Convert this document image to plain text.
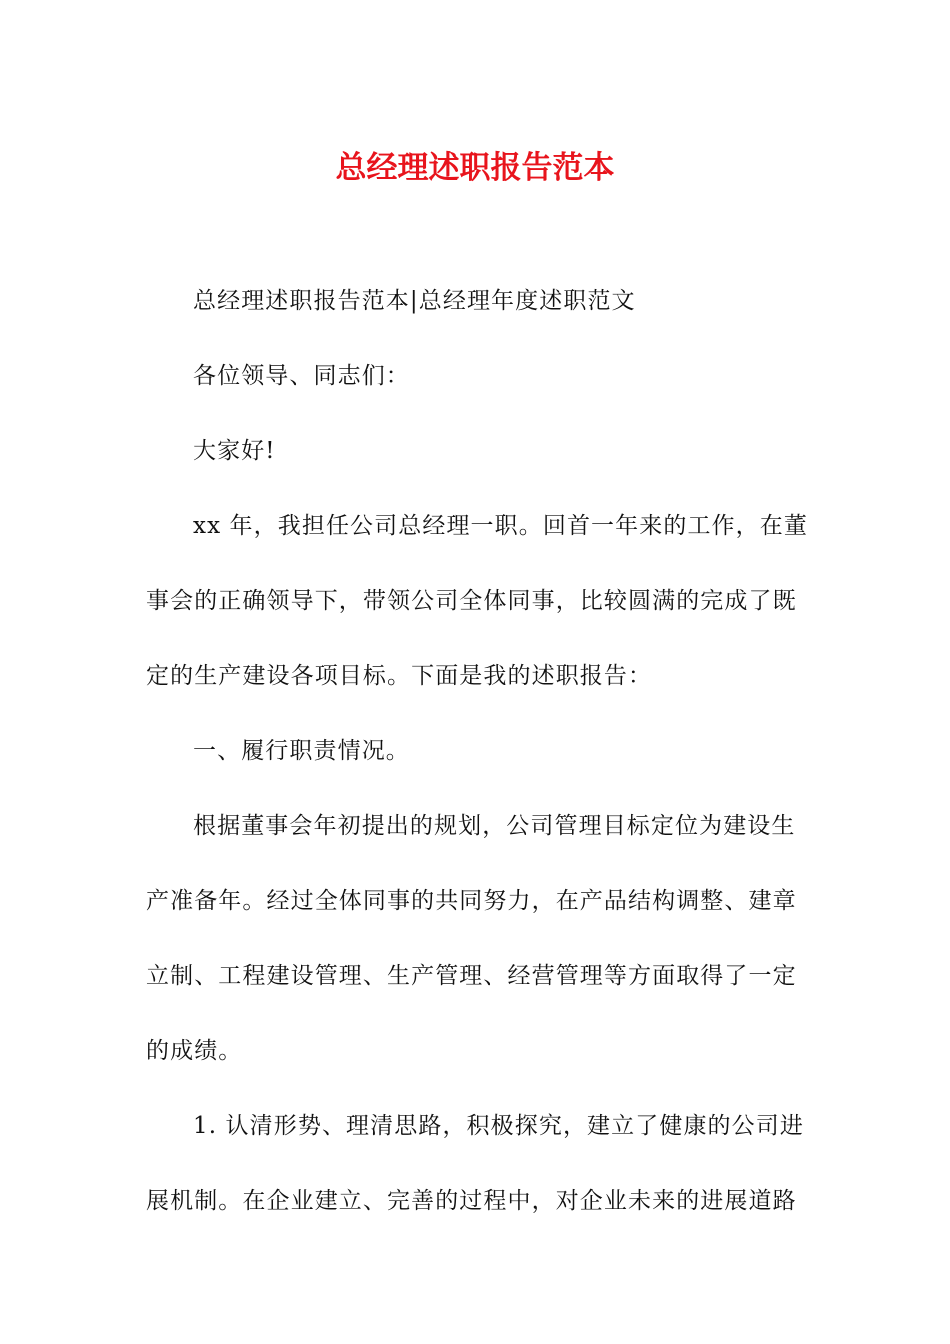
总经理述职报告范本
总经理述职报告范本|总经理年度述职范文
各位领导、同志们：
大家好!
xx 年，我担任公司总经理一职。回首一年来的工作，在董
事会的正确领导下，带领公司全体同事，比较圆满的完成了既
定的生产建设各项目标。下面是我的述职报告：
一、履行职责情况。
根据董事会年初提出的规划，公司管理目标定位为建设生
产准备年。经过全体同事的共同努力，在产品结构调整、建章
立制、工程建设管理、生产管理、经营管理等方面取得了一定
的成绩。
1. 认清形势、理清思路，积极探究，建立了健康的公司进
展机制。在企业建立、完善的过程中，对企业未来的进展道路
